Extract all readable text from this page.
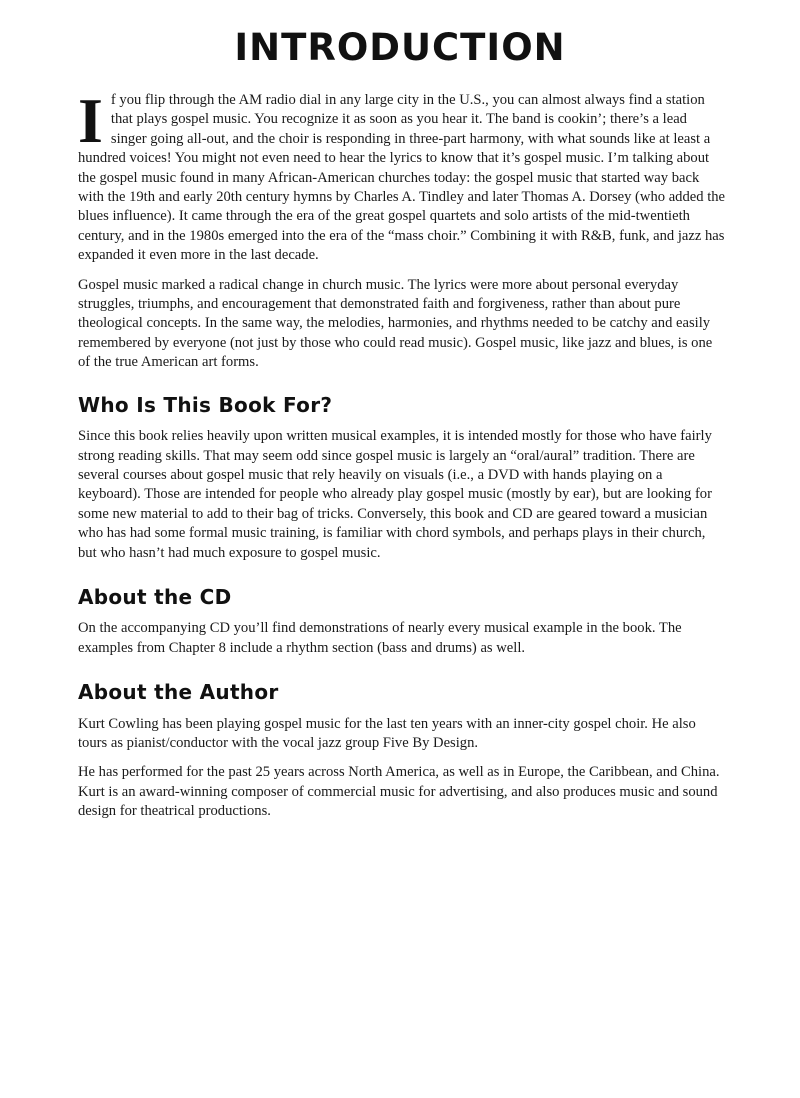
INTRODUCTION

If you flip through the AM radio dial in any large city in the U.S., you can almost always find a station that plays gospel music. You recognize it as soon as you hear it. The band is cookin’; there’s a lead singer going all-out, and the choir is responding in three-part harmony, with what sounds like at least a hundred voices! You might not even need to hear the lyrics to know that it’s gospel music. I’m talking about the gospel music found in many African-American churches today: the gospel music that started way back with the 19th and early 20th century hymns by Charles A. Tindley and later Thomas A. Dorsey (who added the blues influence). It came through the era of the great gospel quartets and solo artists of the mid-twentieth century, and in the 1980s emerged into the era of the “mass choir.” Combining it with R&B, funk, and jazz has expanded it even more in the last decade.

Gospel music marked a radical change in church music. The lyrics were more about personal everyday struggles, triumphs, and encouragement that demonstrated faith and forgiveness, rather than about pure theological concepts. In the same way, the melodies, harmonies, and rhythms needed to be catchy and easily remembered by everyone (not just by those who could read music). Gospel music, like jazz and blues, is one of the true American art forms.

Who Is This Book For?

Since this book relies heavily upon written musical examples, it is intended mostly for those who have fairly strong reading skills. That may seem odd since gospel music is largely an “oral/aural” tradition. There are several courses about gospel music that rely heavily on visuals (i.e., a DVD with hands playing on a keyboard). Those are intended for people who already play gospel music (mostly by ear), but are looking for some new material to add to their bag of tricks. Conversely, this book and CD are geared toward a musician who has had some formal music training, is familiar with chord symbols, and perhaps plays in their church, but who hasn’t had much exposure to gospel music.

About the CD

On the accompanying CD you’ll find demonstrations of nearly every musical example in the book. The examples from Chapter 8 include a rhythm section (bass and drums) as well.

About the Author

Kurt Cowling has been playing gospel music for the last ten years with an inner-city gospel choir. He also tours as pianist/conductor with the vocal jazz group Five By Design.

He has performed for the past 25 years across North America, as well as in Europe, the Caribbean, and China. Kurt is an award-winning composer of commercial music for advertising, and also produces music and sound design for theatrical productions.
